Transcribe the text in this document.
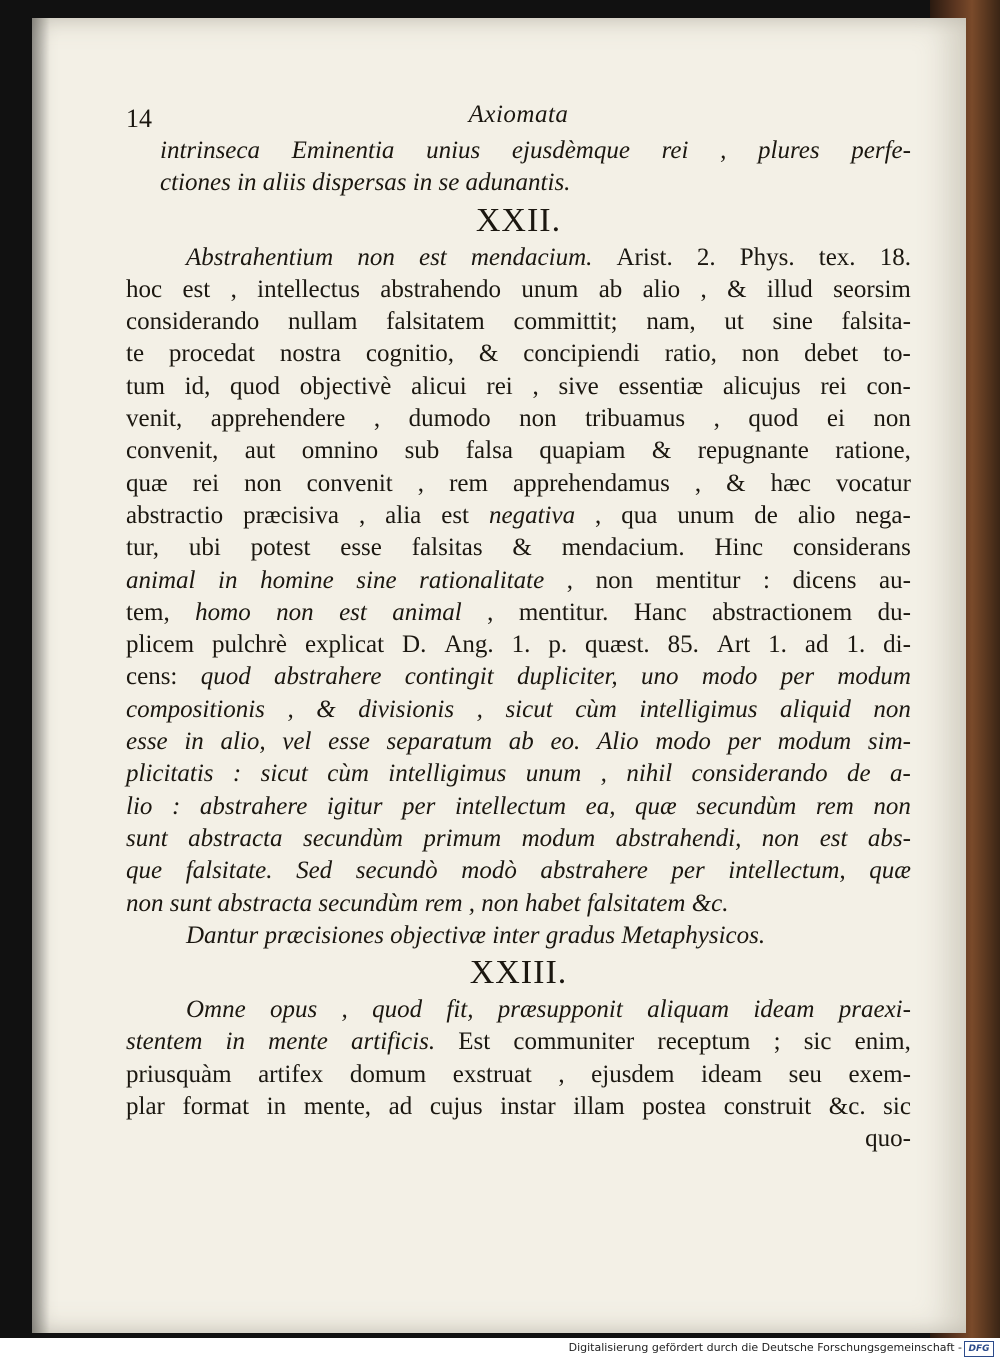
14	Axiomata
intrinseca Eminentia unius ejusdèmque rei , plures perfe-
ctiones in aliis dispersas in se adunantis.
XXII.
Abstrahentium non est mendacium. Arist. 2. Phys. tex. 18.
hoc est , intellectus abstrahendo unum ab alio , & illud seorsim
considerando nullam falsitatem committit; nam, ut sine falsita-
te procedat nostra cognitio, & concipiendi ratio, non debet to-
tum id, quod objectivè alicui rei , sive essentiæ alicujus rei con-
venit, apprehendere , dumodo non tribuamus , quod ei non
convenit, aut omnino sub falsa quapiam & repugnante ratione,
quæ rei non convenit , rem apprehendamus , & hæc vocatur
abstractio præcisiva , alia est negativa , qua unum de alio nega-
tur, ubi potest esse falsitas & mendacium. Hinc considerans
animal in homine sine rationalitate , non mentitur : dicens au-
tem, homo non est animal , mentitur. Hanc abstractionem du-
plicem pulchrè explicat D. Ang. 1. p. quæst. 85. Art 1. ad 1. di-
cens: quod abstrahere contingit dupliciter, uno modo per modum
compositionis , & divisionis , sicut cùm intelligimus aliquid non
esse in alio, vel esse separatum ab eo. Alio modo per modum sim-
plicitatis : sicut cùm intelligimus unum , nihil considerando de a-
lio : abstrahere igitur per intellectum ea, quæ secundùm rem non
sunt abstracta secundùm primum modum abstrahendi, non est abs-
que falsitate. Sed secundò modò abstrahere per intellectum, quæ
non sunt abstracta secundùm rem , non habet falsitatem &c.
Dantur præcisiones objectivæ inter gradus Metaphysicos.
XXIII.
Omne opus , quod fit, præsupponit aliquam ideam praexi-
stentem in mente artificis. Est communiter receptum ; sic enim,
priusquàm artifex domum exstruat , ejusdem ideam seu exem-
plar format in mente, ad cujus instar illam postea construit &c. sic
quo-
Digitalisierung gefördert durch die Deutsche Forschungsgemeinschaft - DFG
